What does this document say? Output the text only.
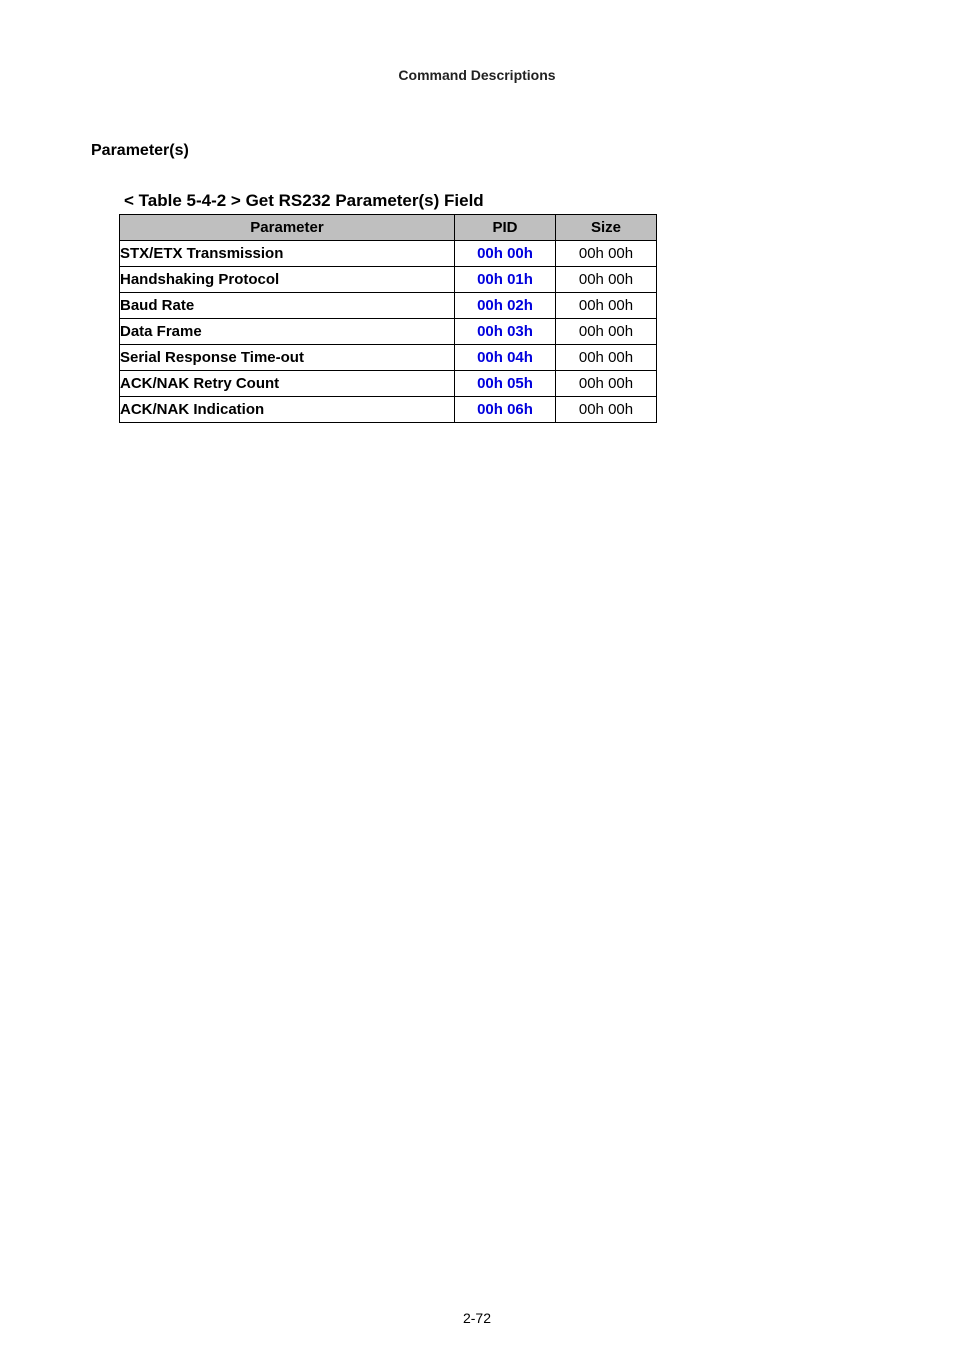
Command Descriptions
Parameter(s)
< Table 5-4-2 > Get RS232 Parameter(s) Field
Parameter	PID	Size
STX/ETX Transmission	00h 00h	00h 00h
Handshaking Protocol	00h 01h	00h 00h
Baud Rate	00h 02h	00h 00h
Data Frame	00h 03h	00h 00h
Serial Response Time-out	00h 04h	00h 00h
ACK/NAK Retry Count	00h 05h	00h 00h
ACK/NAK Indication	00h 06h	00h 00h
2-72
